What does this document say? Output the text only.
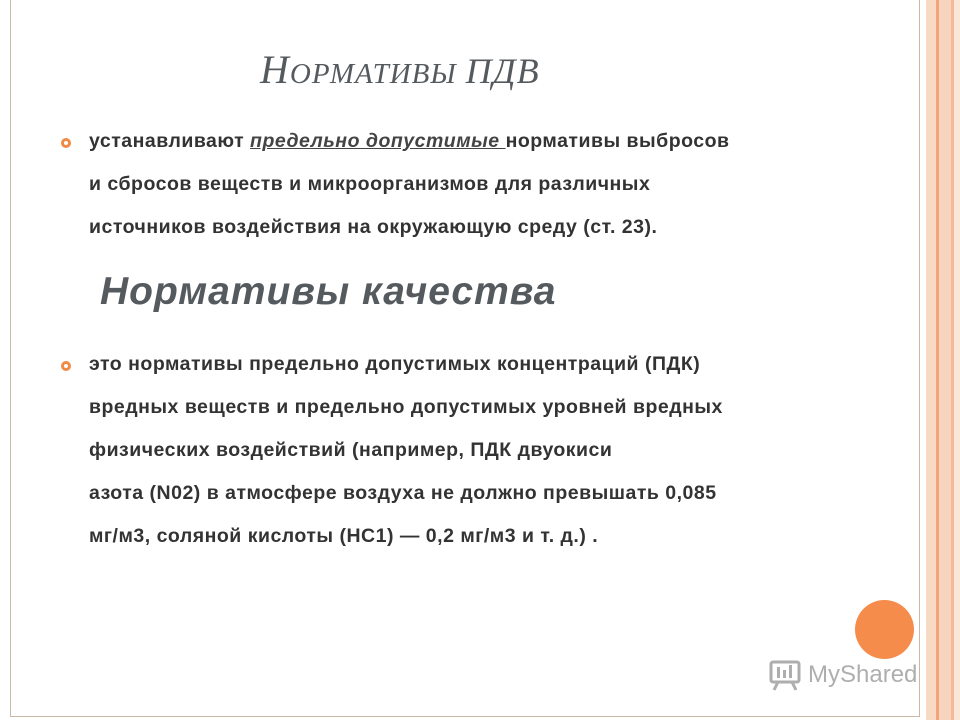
НОРМАТИВЫ ПДВ

устанавливают предельно допустимые нормативы выбросов
и сбросов веществ и микроорганизмов для различных
источников воздействия на окружающую среду (ст. 23).

Нормативы качества

это нормативы предельно допустимых концентраций (ПДК)
вредных веществ и предельно допустимых уровней вредных
физических воздействий (например, ПДК двуокиси
азота (N02) в атмосфере воздуха не должно превышать 0,085
мг/м3, соляной кислоты (НС1) — 0,2 мг/м3 и т. д.) .

MyShared
